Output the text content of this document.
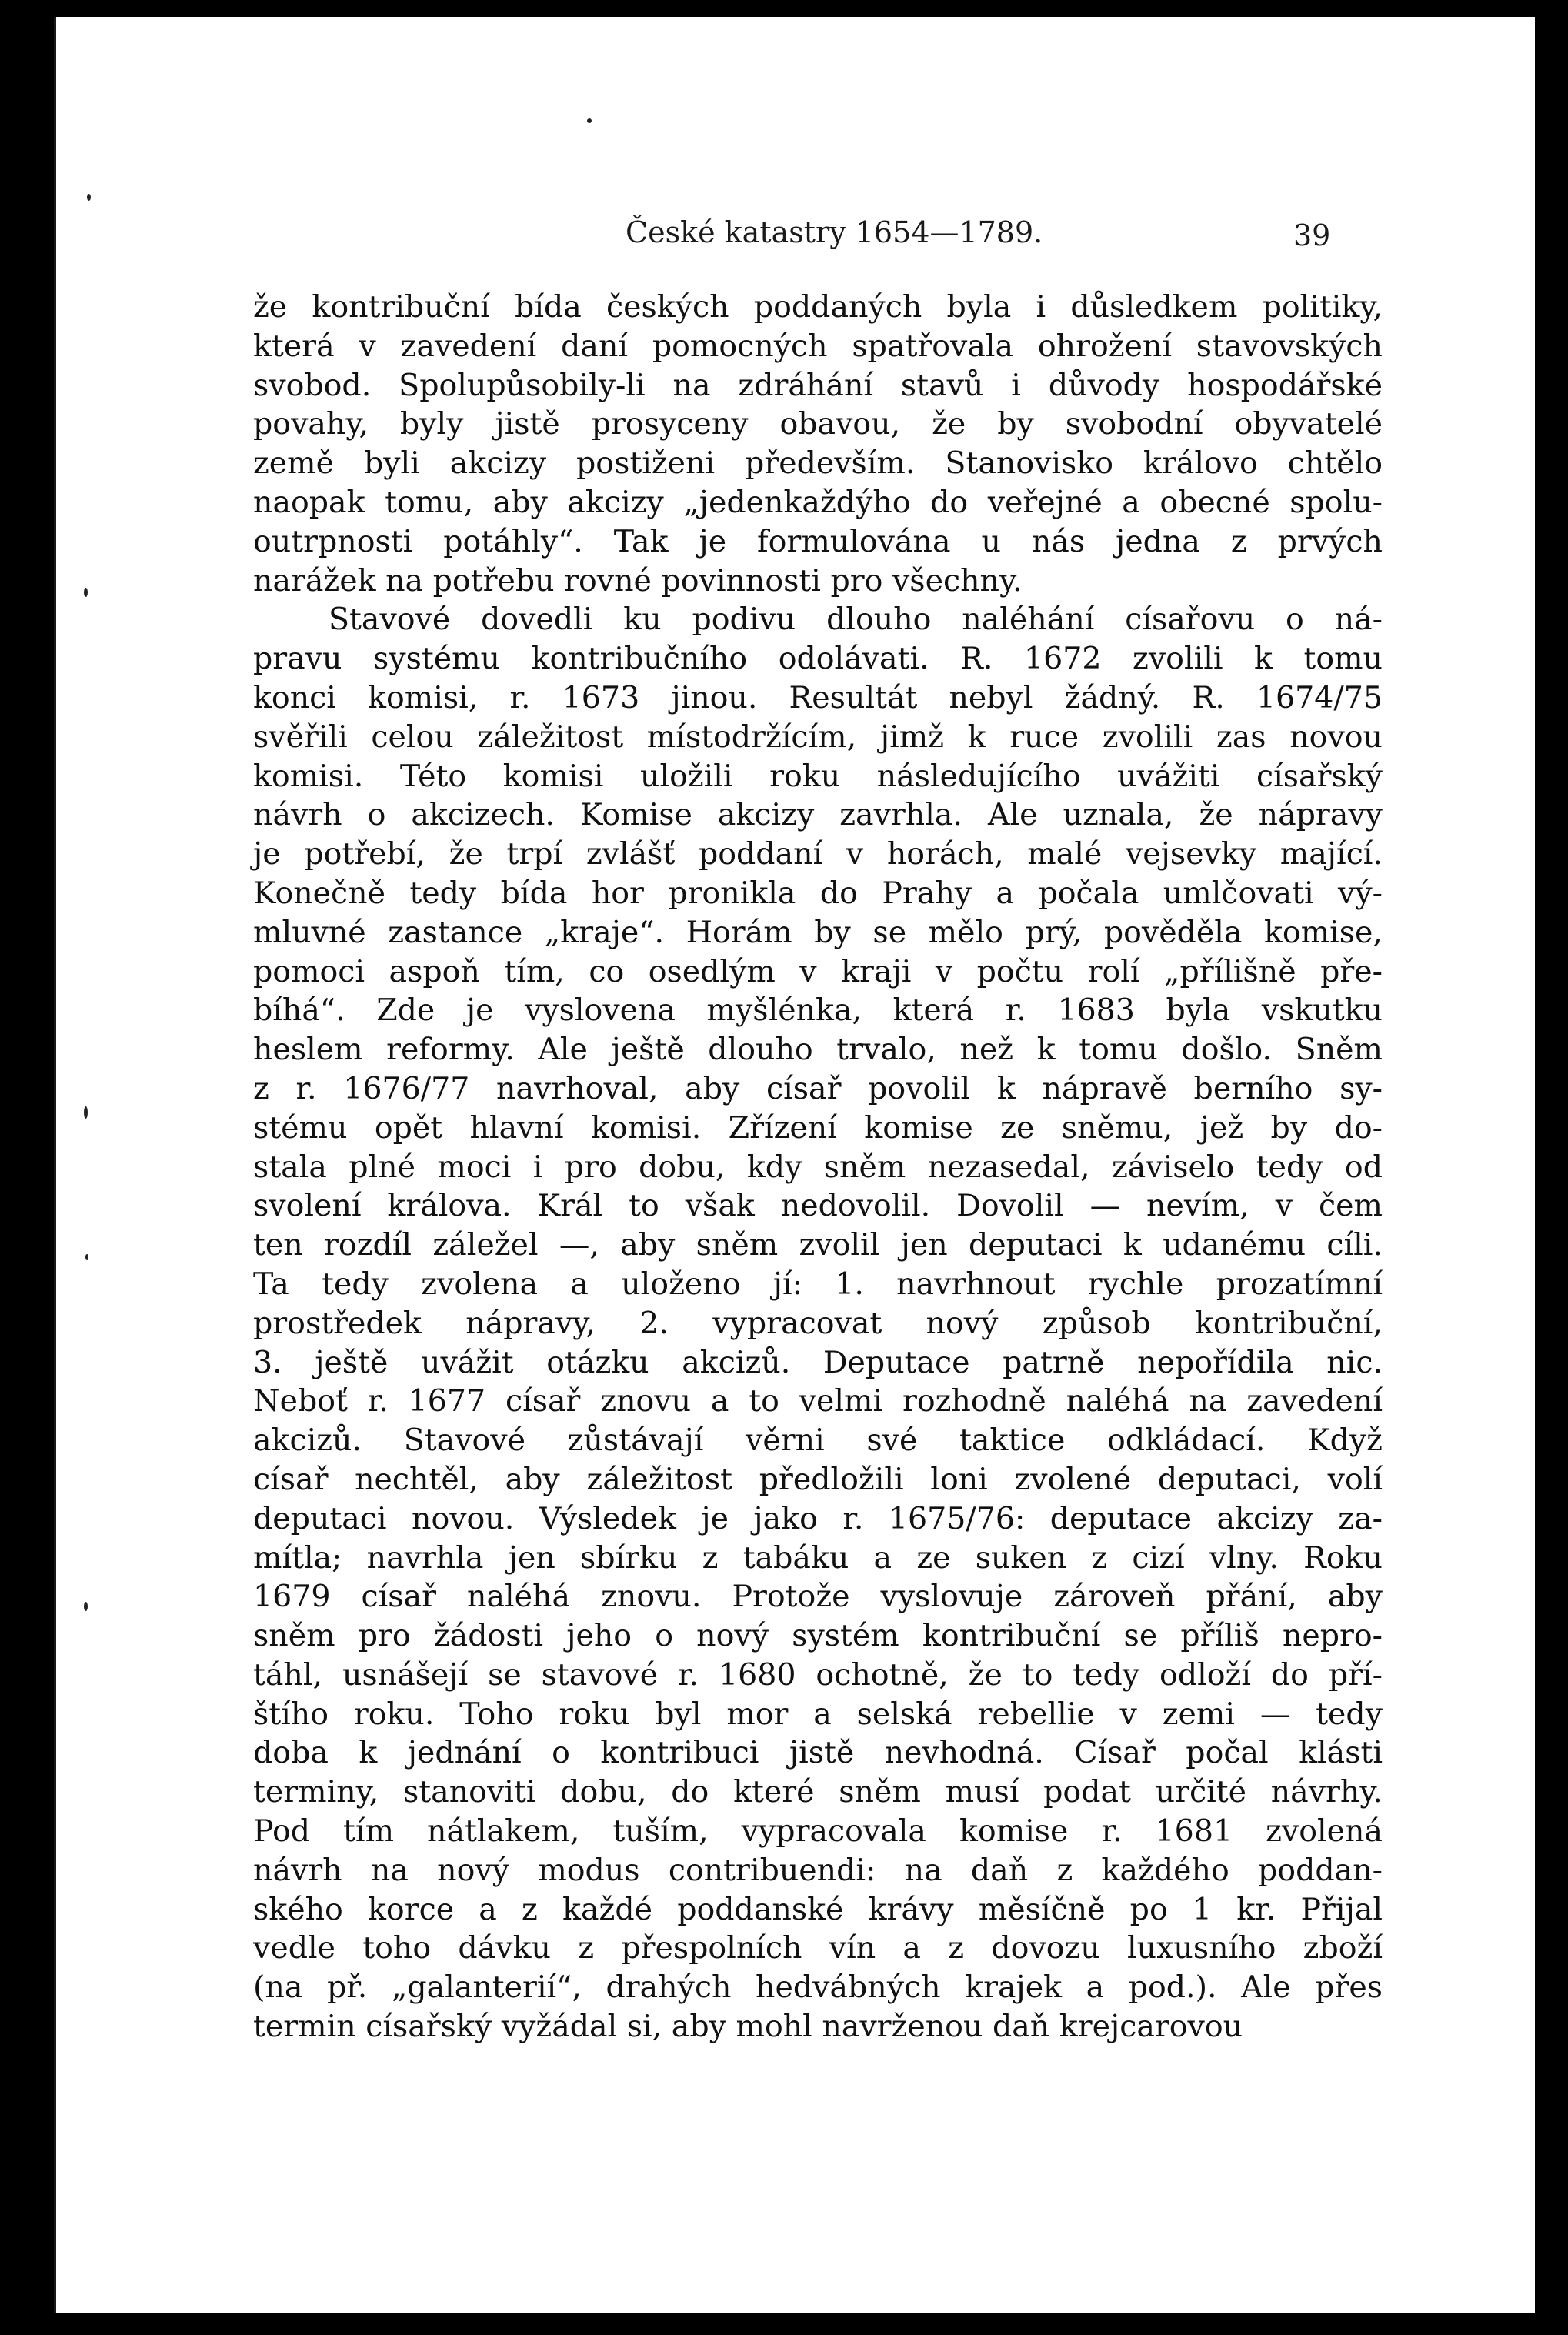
České katastry 1654—1789.	39
že kontribuční bída českých poddaných byla i důsledkem politiky,
která v zavedení daní pomocných spatřovala ohrožení stavovských
svobod. Spolupůsobily-li na zdráhání stavů i důvody hospodářské
povahy, byly jistě prosyceny obavou, že by svobodní obyvatelé
země byli akcizy postiženi především. Stanovisko královo chtělo
naopak tomu, aby akcizy „jedenkaždýho do veřejné a obecné spolu-
outrpnosti potáhly“. Tak je formulována u nás jedna z prvých
narážek na potřebu rovné povinnosti pro všechny.
Stavové dovedli ku podivu dlouho naléhání císařovu o ná-
pravu systému kontribučního odolávati. R. 1672 zvolili k tomu
konci komisi, r. 1673 jinou. Resultát nebyl žádný. R. 1674/75
svěřili celou záležitost místodržícím, jimž k ruce zvolili zas novou
komisi. Této komisi uložili roku následujícího uvážiti císařský
návrh o akcizech. Komise akcizy zavrhla. Ale uznala, že nápravy
je potřebí, že trpí zvlášť poddaní v horách, malé vejsevky mající.
Konečně tedy bída hor pronikla do Prahy a počala umlčovati vý-
mluvné zastance „kraje“. Horám by se mělo prý, pověděla komise,
pomoci aspoň tím, co osedlým v kraji v počtu rolí „přílišně pře-
bíhá“. Zde je vyslovena myšlénka, která r. 1683 byla vskutku
heslem reformy. Ale ještě dlouho trvalo, než k tomu došlo. Sněm
z r. 1676/77 navrhoval, aby císař povolil k nápravě berního sy-
stému opět hlavní komisi. Zřízení komise ze sněmu, jež by do-
stala plné moci i pro dobu, kdy sněm nezasedal, záviselo tedy od
svolení králova. Král to však nedovolil. Dovolil — nevím, v čem
ten rozdíl záležel —, aby sněm zvolil jen deputaci k udanému cíli.
Ta tedy zvolena a uloženo jí: 1. navrhnout rychle prozatímní
prostředek nápravy, 2. vypracovat nový způsob kontribuční,
3. ještě uvážit otázku akcizů. Deputace patrně nepořídila nic.
Neboť r. 1677 císař znovu a to velmi rozhodně naléhá na zavedení
akcizů. Stavové zůstávají věrni své taktice odkládací. Když
císař nechtěl, aby záležitost předložili loni zvolené deputaci, volí
deputaci novou. Výsledek je jako r. 1675/76: deputace akcizy za-
mítla; navrhla jen sbírku z tabáku a ze suken z cizí vlny. Roku
1679 císař naléhá znovu. Protože vyslovuje zároveň přání, aby
sněm pro žádosti jeho o nový systém kontribuční se příliš nepro-
táhl, usnášejí se stavové r. 1680 ochotně, že to tedy odloží do pří-
štího roku. Toho roku byl mor a selská rebellie v zemi — tedy
doba k jednání o kontribuci jistě nevhodná. Císař počal klásti
terminy, stanoviti dobu, do které sněm musí podat určité návrhy.
Pod tím nátlakem, tuším, vypracovala komise r. 1681 zvolená
návrh na nový modus contribuendi: na daň z každého poddan-
ského korce a z každé poddanské krávy měsíčně po 1 kr. Přijal
vedle toho dávku z přespolních vín a z dovozu luxusního zboží
(na př. „galanterií“, drahých hedvábných krajek a pod.). Ale přes
termin císařský vyžádal si, aby mohl navrženou daň krejcarovou
